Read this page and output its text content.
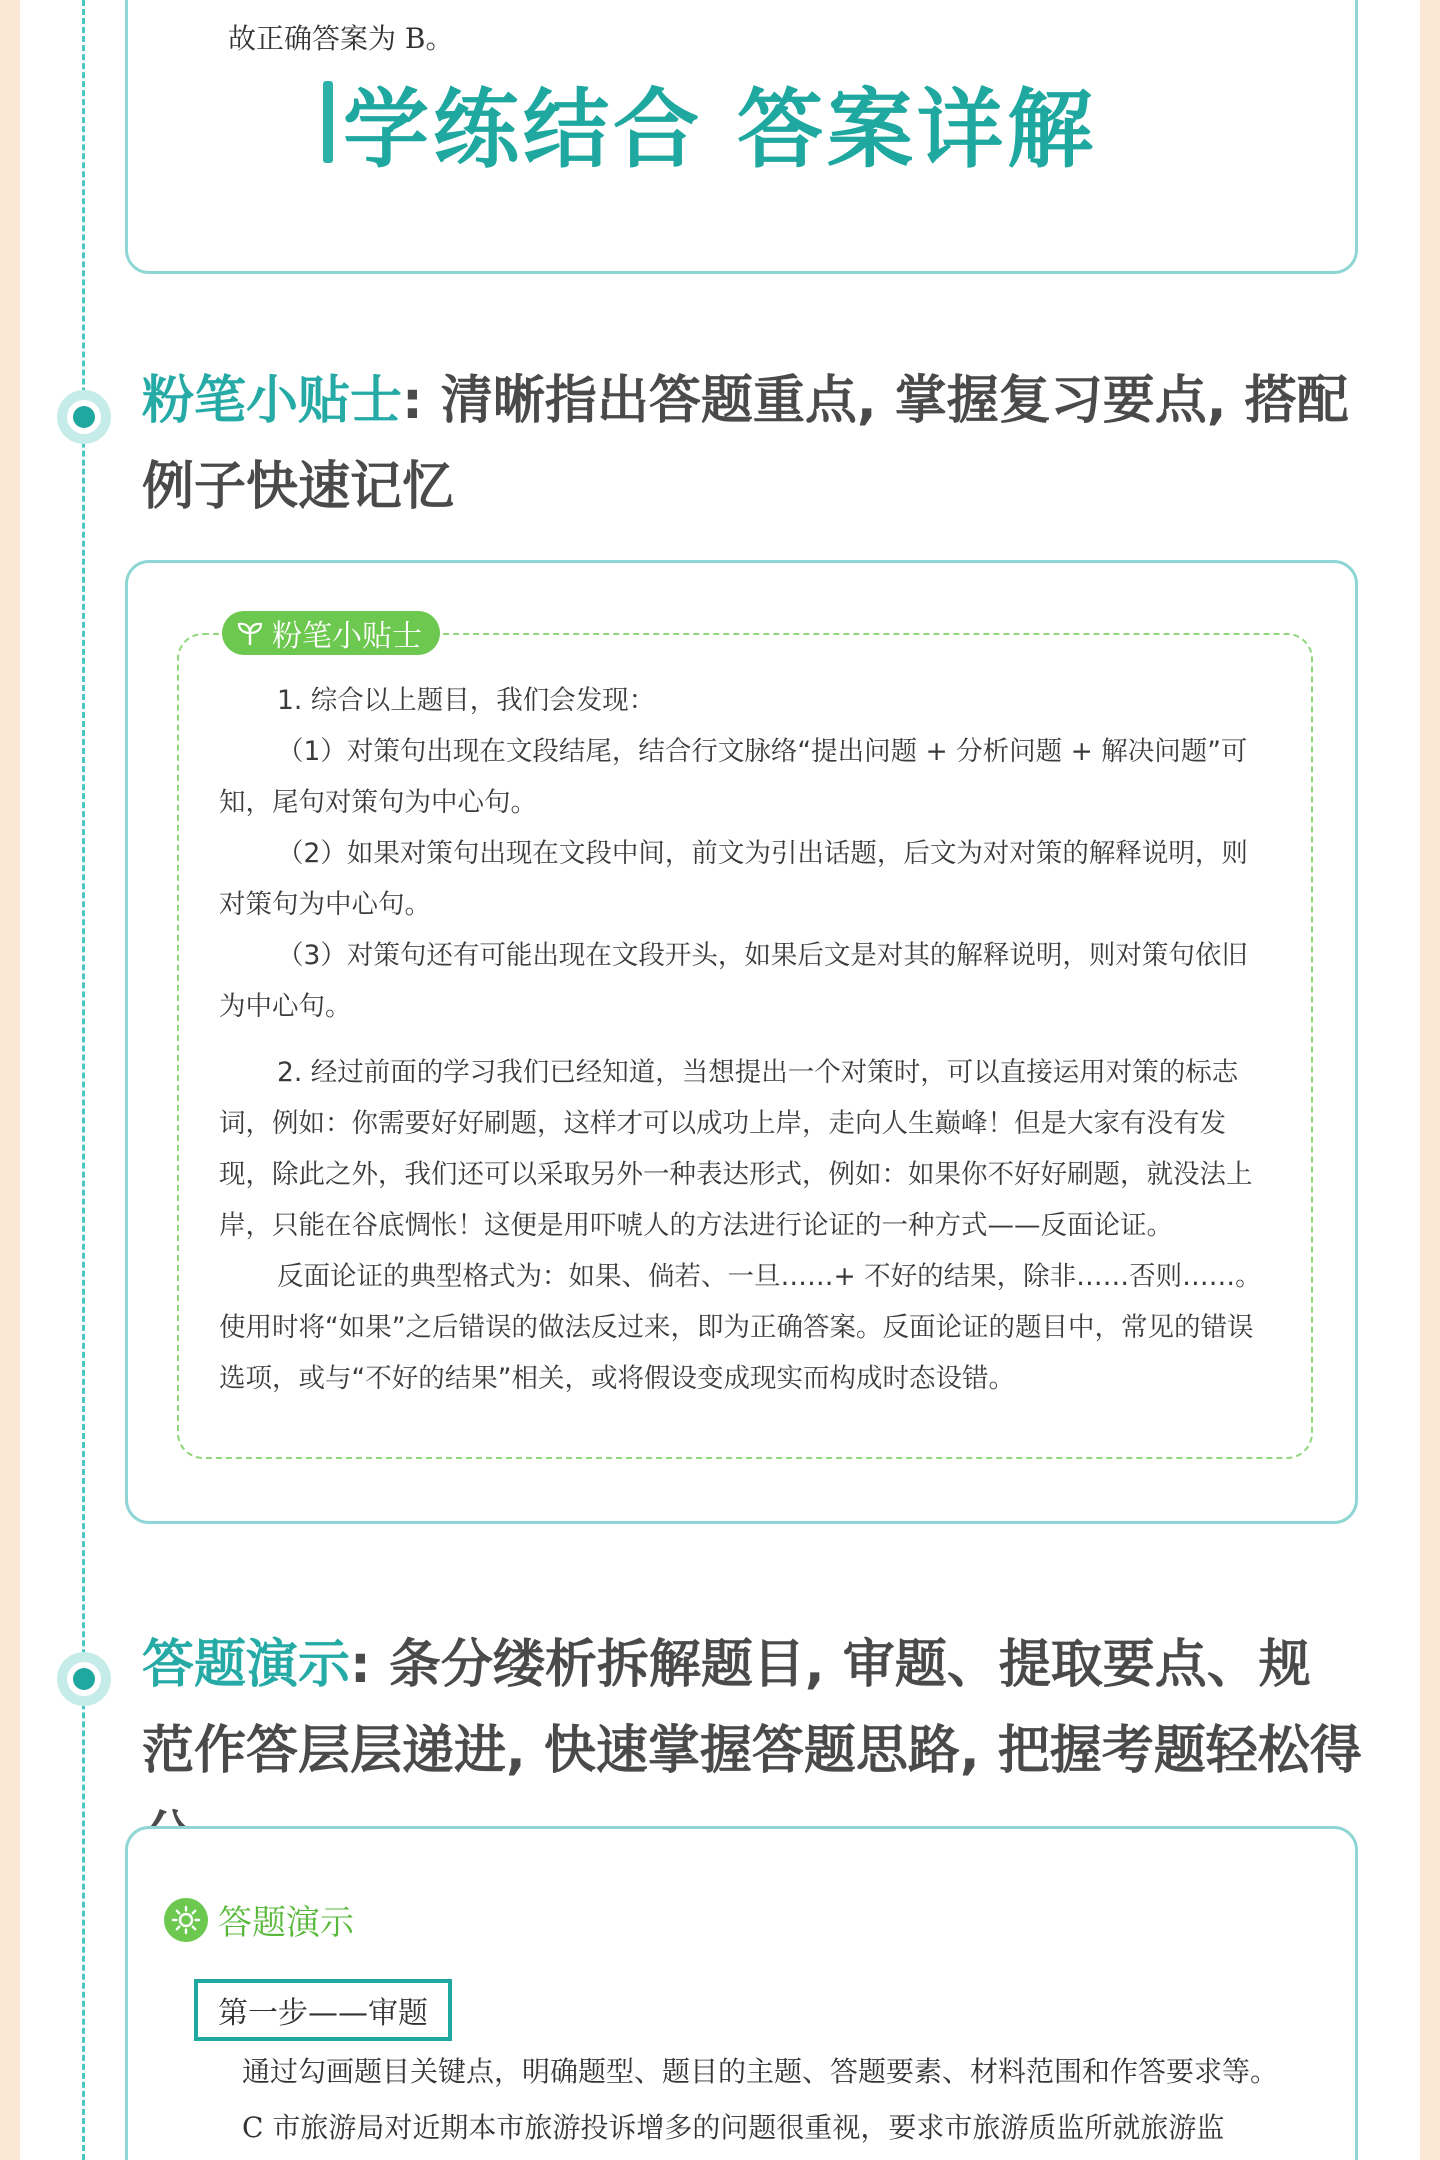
故正确答案为 B。
学练结合 答案详解
粉笔小贴士: 清晰指出答题重点, 掌握复习要点, 搭配例子快速记忆
粉笔小贴士

1. 综合以上题目，我们会发现：

（1）对策句出现在文段结尾，结合行文脉络“提出问题 + 分析问题 + 解决问题”可知，尾句对策句为中心句。

（2）如果对策句出现在文段中间，前文为引出话题，后文为对对策的解释说明，则对策句为中心句。

（3）对策句还有可能出现在文段开头，如果后文是对其的解释说明，则对策句依旧为中心句。

2. 经过前面的学习我们已经知道，当想提出一个对策时，可以直接运用对策的标志词，例如：你需要好好刷题，这样才可以成功上岸，走向人生巅峰！但是大家有没有发现，除此之外，我们还可以采取另外一种表达形式，例如：如果你不好好刷题，就没法上岸，只能在谷底惆怅！这便是用吓唬人的方法进行论证的一种方式——反面论证。

反面论证的典型格式为：如果、倘若、一旦……+ 不好的结果，除非……否则……。使用时将“如果”之后错误的做法反过来，即为正确答案。反面论证的题目中，常见的错误选项，或与“不好的结果”相关，或将假设变成现实而构成时态设错。

答题演示: 条分缕析拆解题目, 审题、提取要点、规范作答层层递进, 快速掌握答题思路, 把握考题轻松得
答题演示
第一步——审题

通过勾画题目关键点，明确题型、题目的主题、答题要素、材料范围和作答要求等。

C 市旅游局对近期本市旅游投诉增多的问题很重视，要求市旅游质监所就旅游监
